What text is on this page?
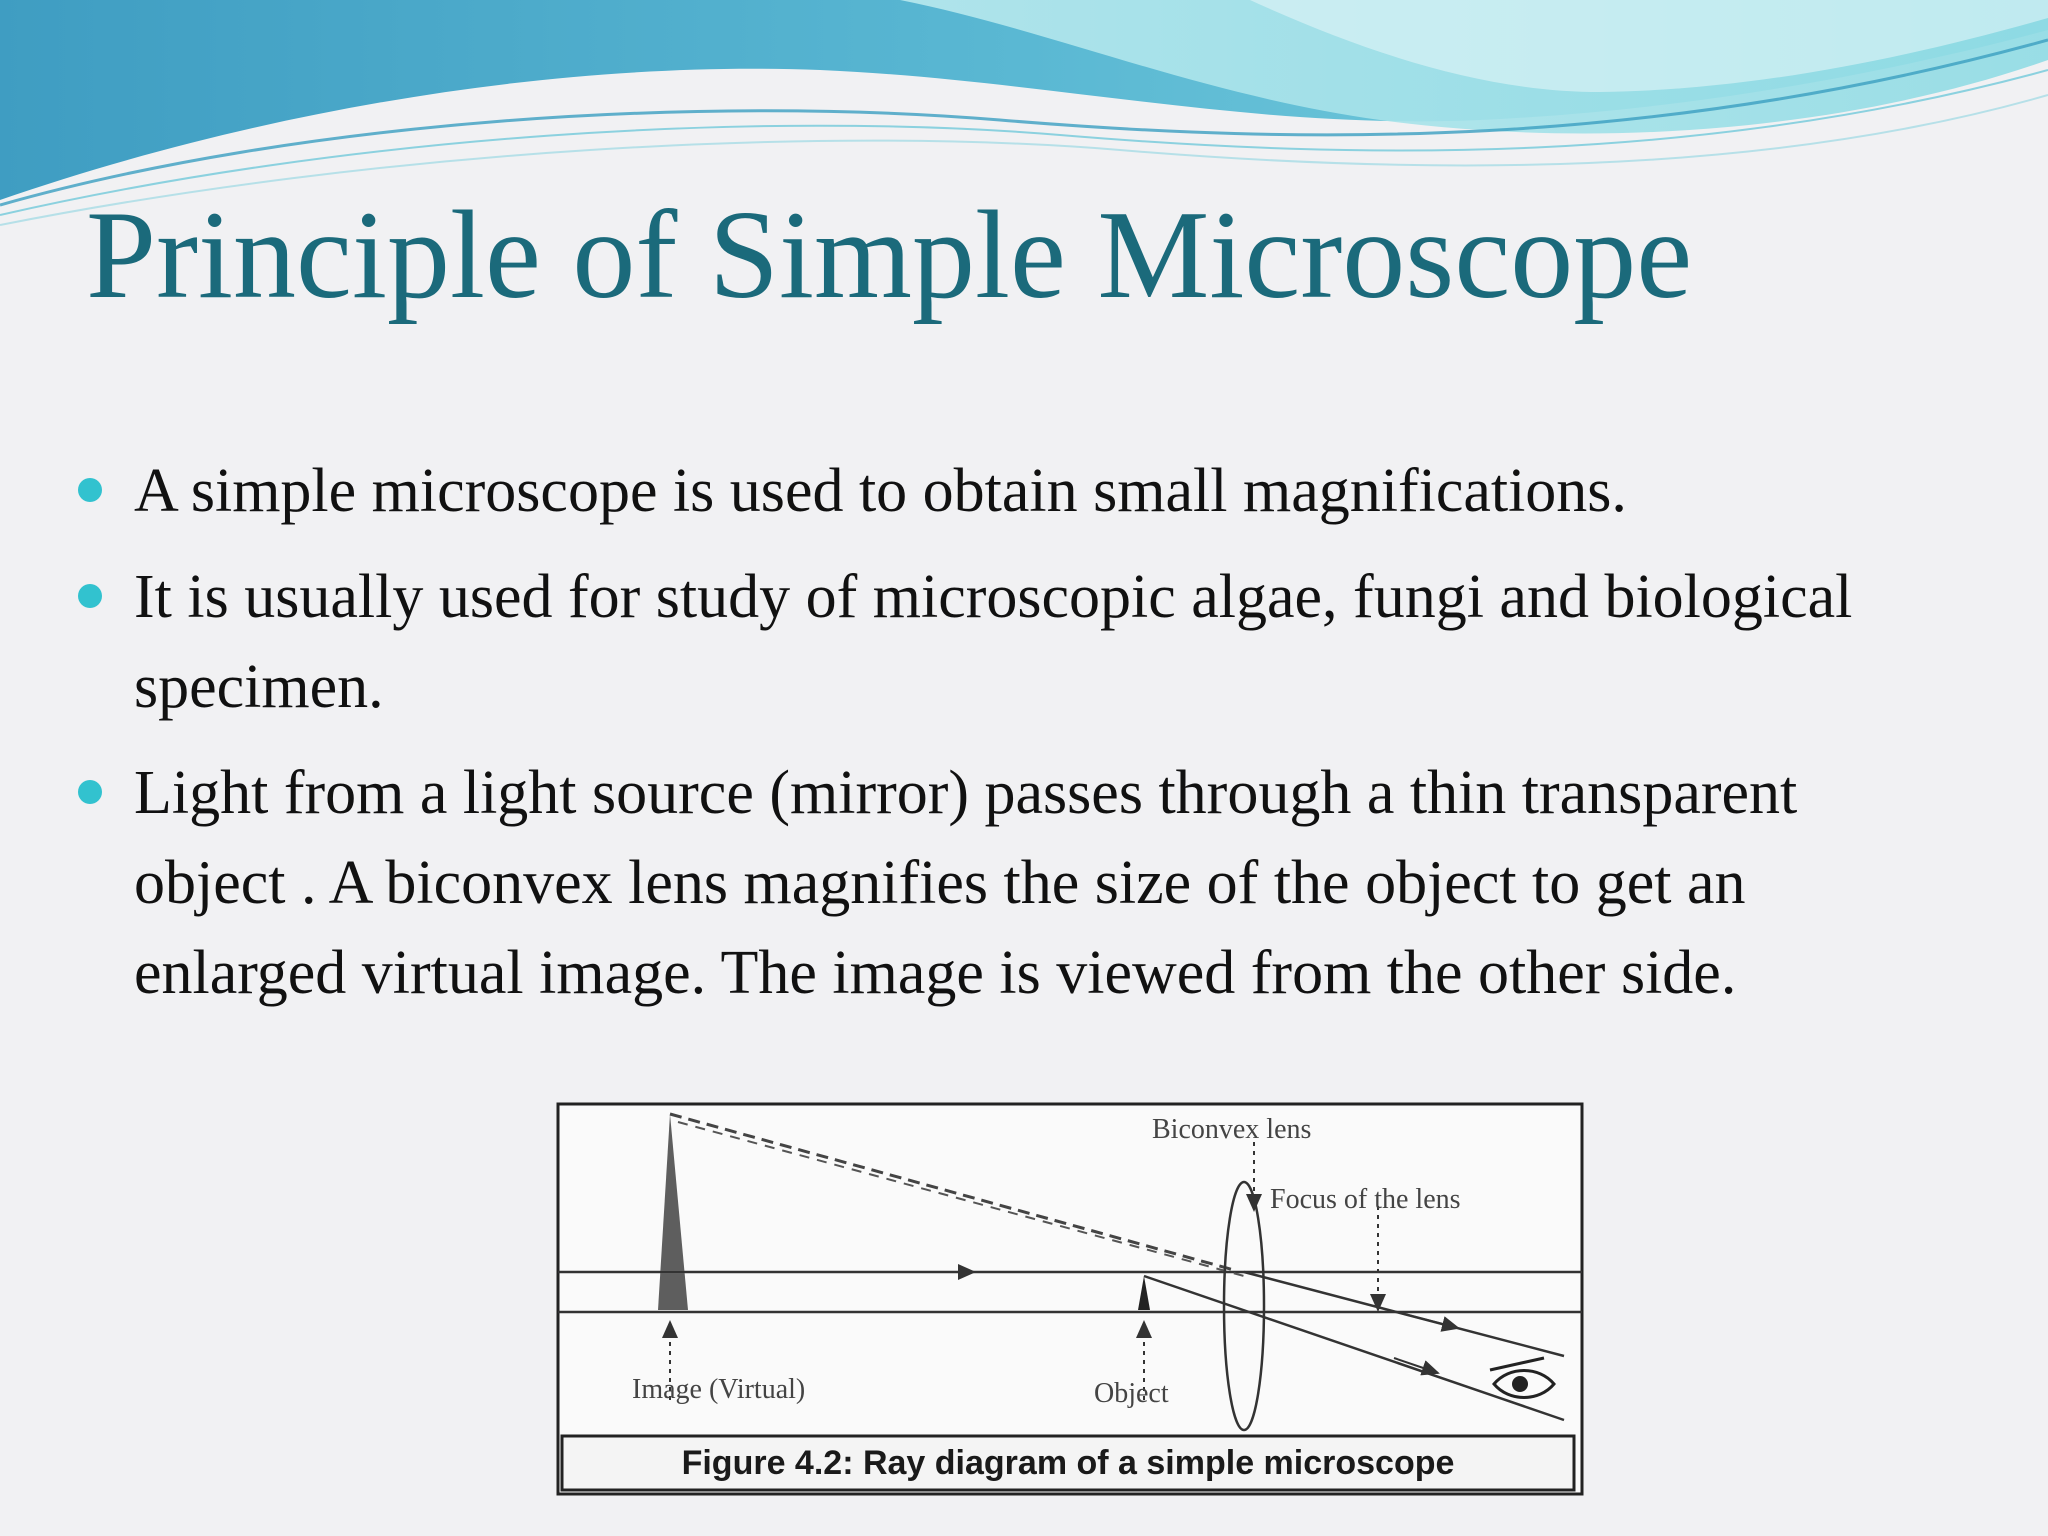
Principle of Simple Microscope
A simple microscope is used to obtain small magnifications.
It is usually used for study of microscopic algae, fungi and biological specimen.
Light from a light source (mirror) passes through a thin transparent object . A biconvex lens magnifies the size of the object to get an enlarged virtual image. The image is viewed from the other side.
Biconvex lens
Focus of the lens
Image (Virtual)	Object
Figure 4.2: Ray diagram of a simple microscope
